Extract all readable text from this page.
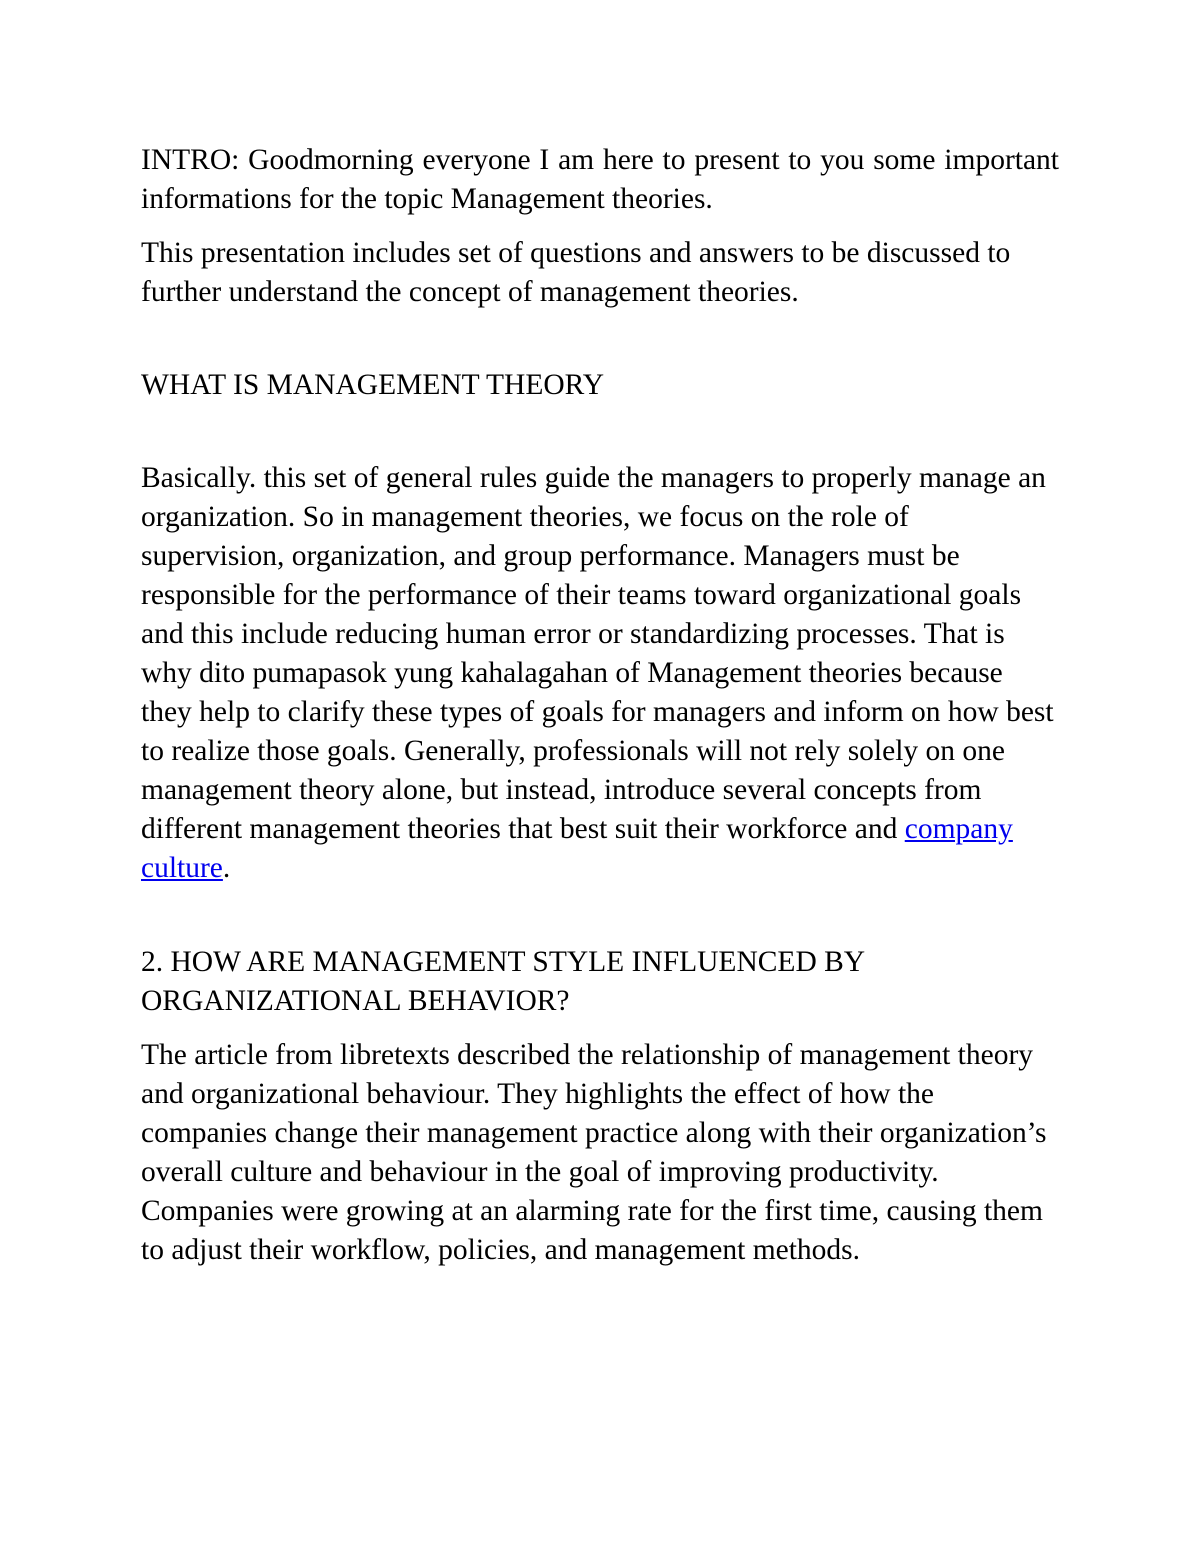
INTRO: Goodmorning everyone I am here to present to you some important informations for the topic Management theories.

This presentation includes set of questions and answers to be discussed to further understand the concept of management theories.

WHAT IS MANAGEMENT THEORY

Basically. this set of general rules guide the managers to properly manage an organization. So in management theories, we focus on the role of supervision, organization, and group performance. Managers must be responsible for the performance of their teams toward organizational goals and this include reducing human error or standardizing processes. That is why dito pumapasok yung kahalagahan of Management theories because they help to clarify these types of goals for managers and inform on how best to realize those goals. Generally, professionals will not rely solely on one management theory alone, but instead, introduce several concepts from different management theories that best suit their workforce and company culture.

2. HOW ARE MANAGEMENT STYLE INFLUENCED BY ORGANIZATIONAL BEHAVIOR?

The article from libretexts described the relationship of management theory and organizational behaviour. They highlights the effect of how the companies change their management practice along with their organization’s overall culture and behaviour in the goal of improving productivity. Companies were growing at an alarming rate for the first time, causing them to adjust their workflow, policies, and management methods.
